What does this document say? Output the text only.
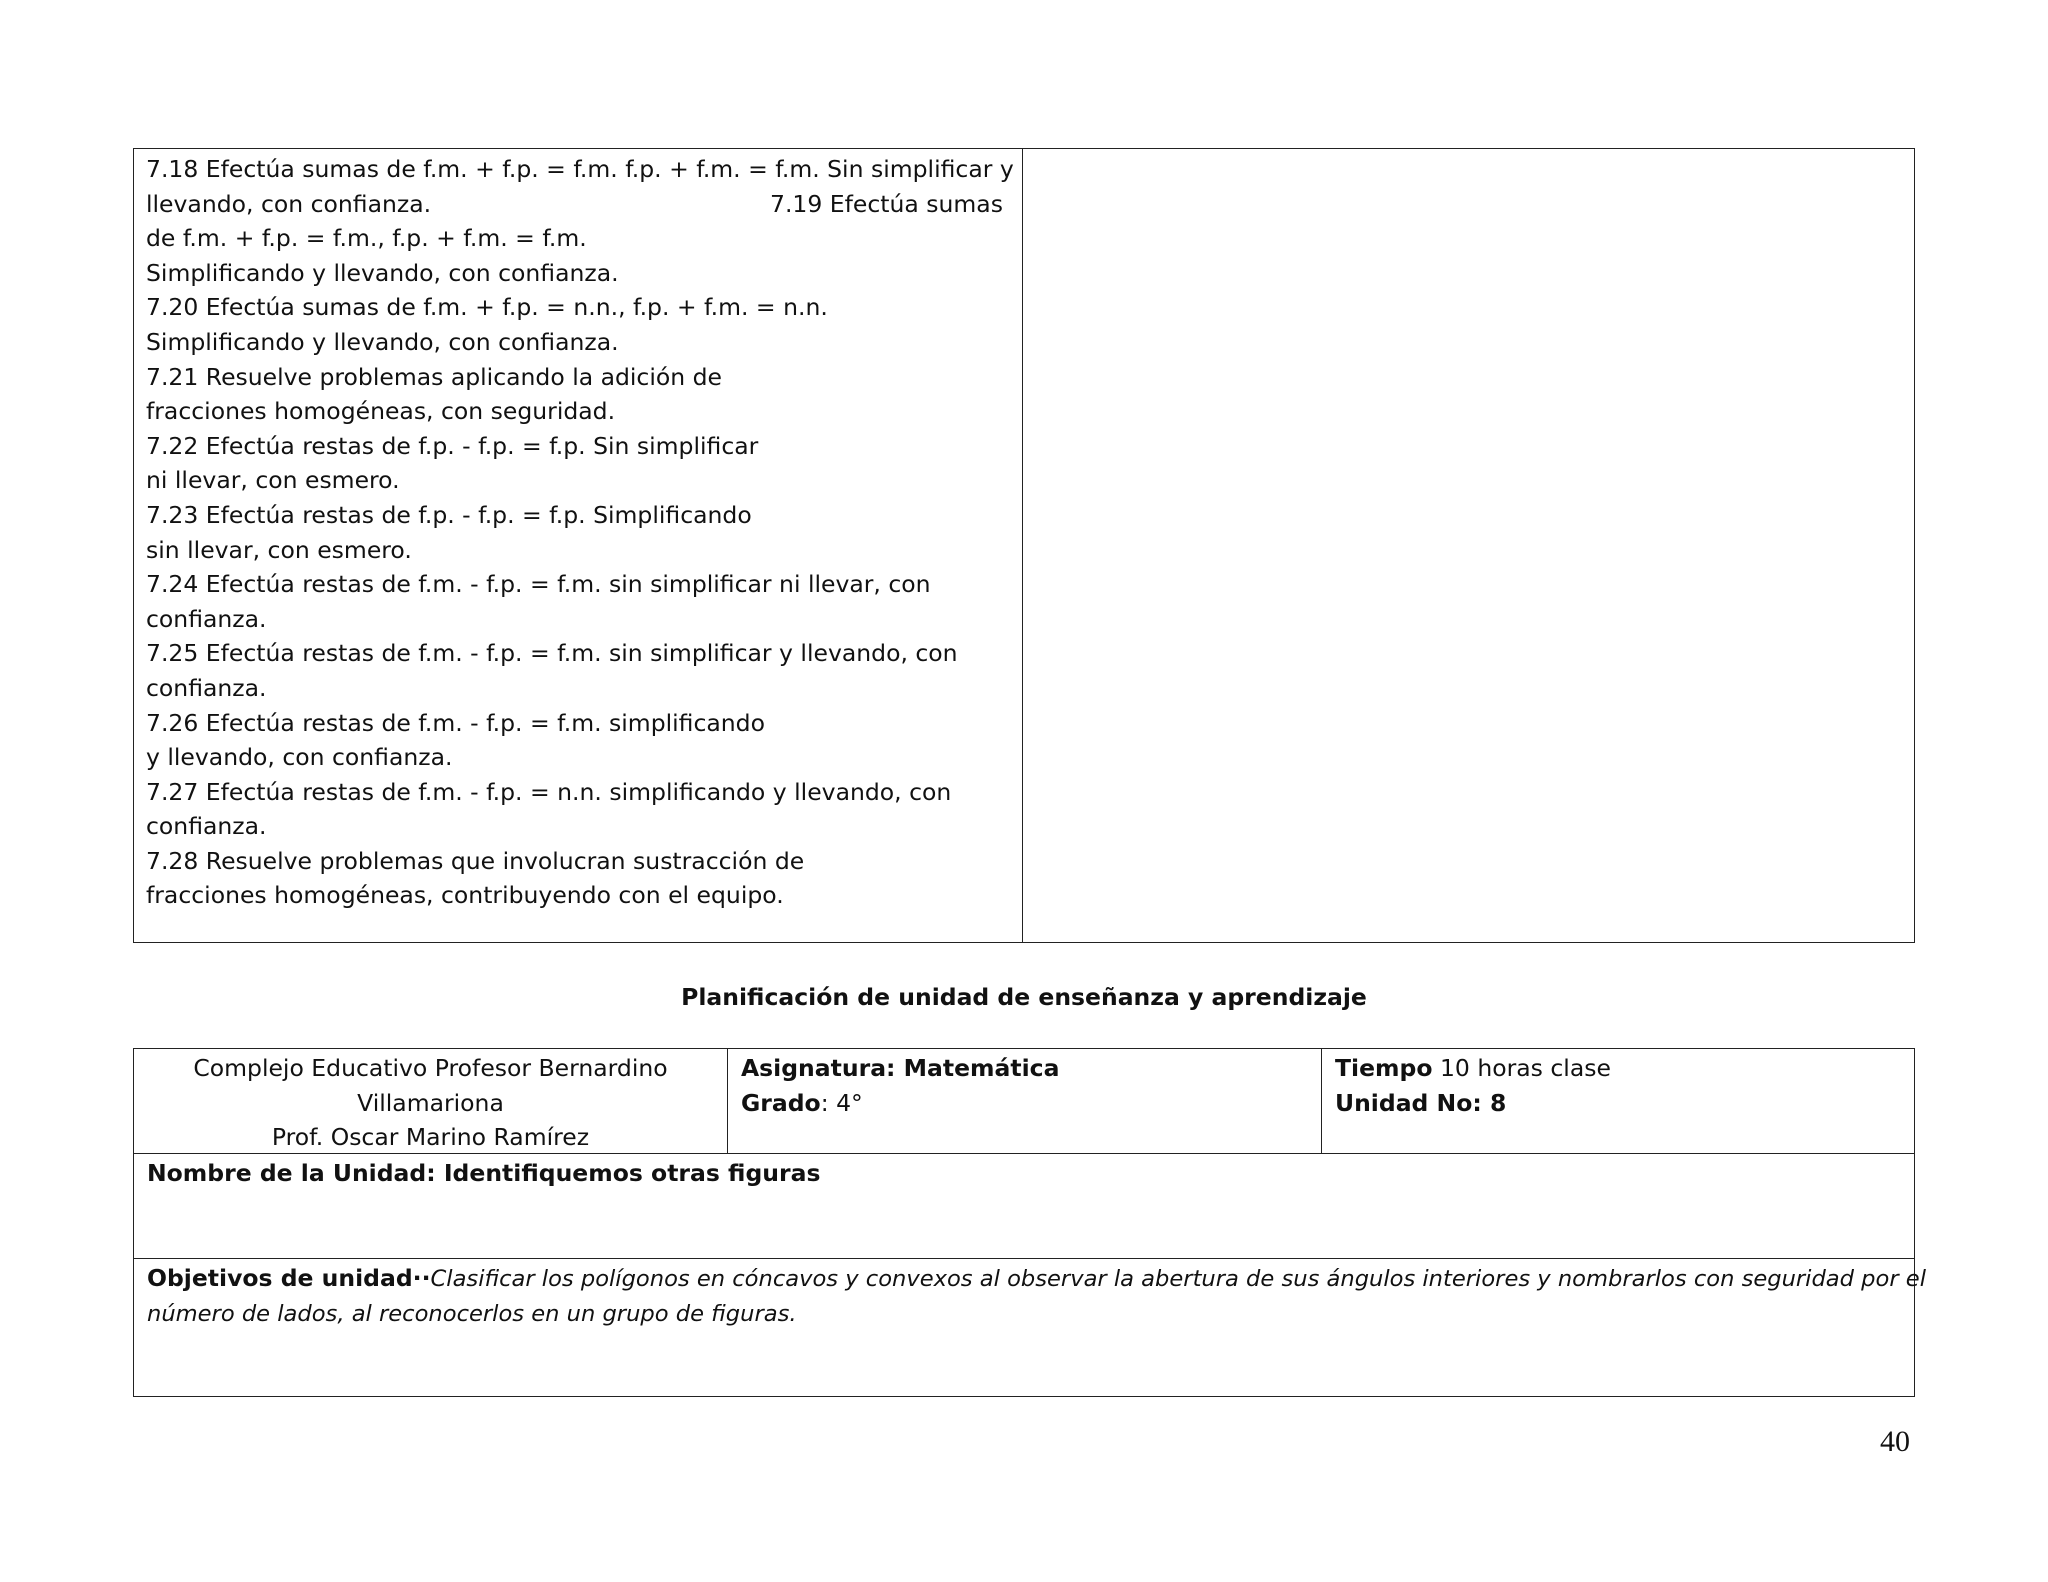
7.18 Efectúa sumas de f.m. + f.p. = f.m. f.p. + f.m. = f.m. Sin simplificar y
llevando, con confianza.	7.19 Efectúa sumas
de f.m. + f.p. = f.m., f.p. + f.m. = f.m.
Simplificando y llevando, con confianza.
7.20 Efectúa sumas de f.m. + f.p. = n.n., f.p. + f.m. = n.n.
Simplificando y llevando, con confianza.
7.21 Resuelve problemas aplicando la adición de
fracciones homogéneas, con seguridad.
7.22 Efectúa restas de f.p. - f.p. = f.p. Sin simplificar
ni llevar, con esmero.
7.23 Efectúa restas de f.p. - f.p. = f.p. Simplificando
sin llevar, con esmero.
7.24 Efectúa restas de f.m. - f.p. = f.m. sin simplificar ni llevar, con
confianza.
7.25 Efectúa restas de f.m. - f.p. = f.m. sin simplificar y llevando, con
confianza.
7.26 Efectúa restas de f.m. - f.p. = f.m. simplificando
y llevando, con confianza.
7.27 Efectúa restas de f.m. - f.p. = n.n. simplificando y llevando, con
confianza.
7.28 Resuelve problemas que involucran sustracción de
fracciones homogéneas, contribuyendo con el equipo.
Planificación de unidad de enseñanza y aprendizaje
Complejo Educativo Profesor Bernardino
Villamariona
Prof. Oscar Marino Ramírez
Asignatura: Matemática
Grado: 4°
Tiempo 10 horas clase
Unidad No: 8
Nombre de la Unidad: Identifiquemos otras figuras
Objetivos de unidad··Clasificar los polígonos en cóncavos y convexos al observar la abertura de sus ángulos interiores y nombrarlos con seguridad por el
número de lados, al reconocerlos en un grupo de figuras.
40
